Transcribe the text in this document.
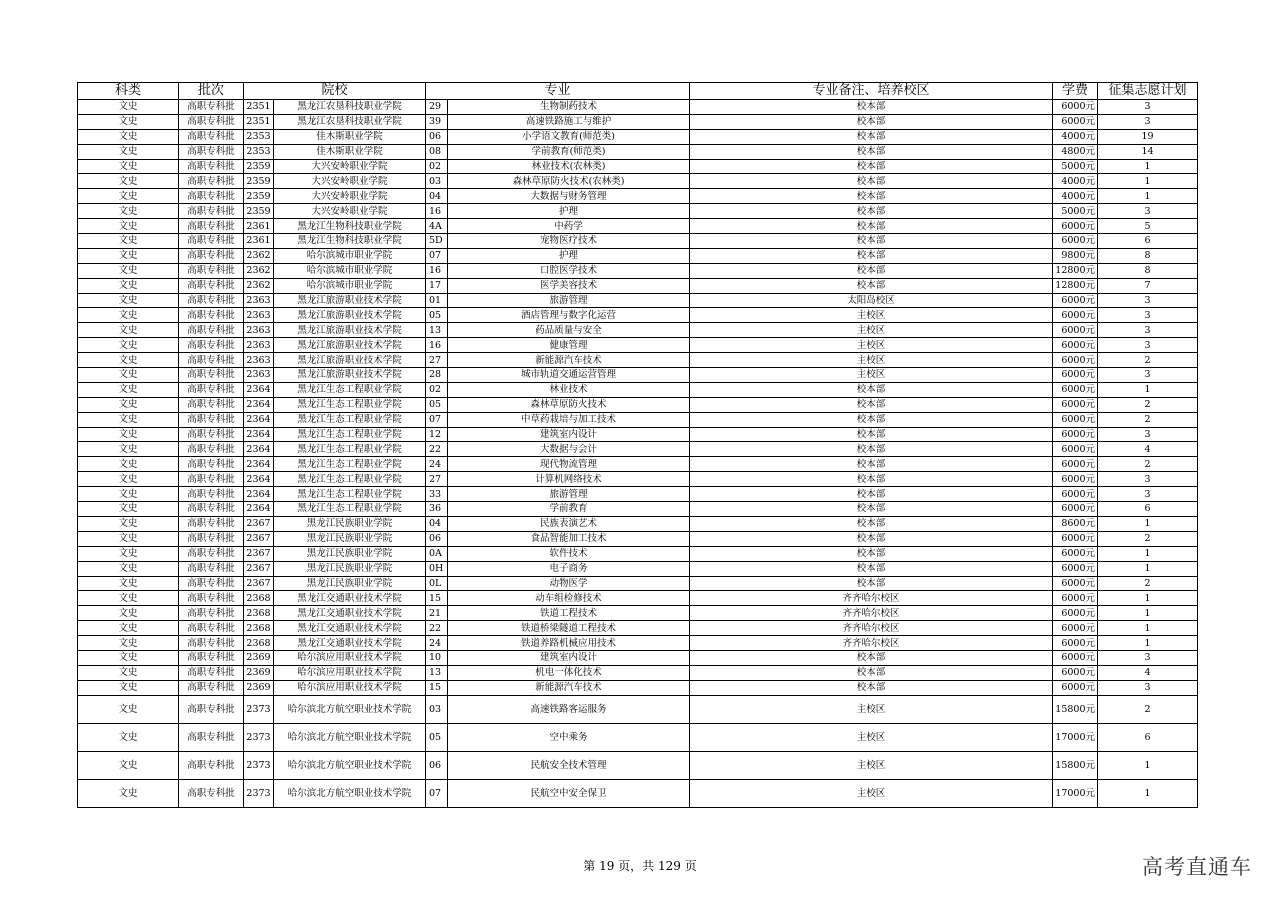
科类	批次	院校		专业		专业备注、培养校区	学费	征集志愿计划
文史	高职专科批	2351	黑龙江农垦科技职业学院	29	生物制药技术	校本部	6000元	3
文史	高职专科批	2351	黑龙江农垦科技职业学院	39	高速铁路施工与维护	校本部	6000元	3
文史	高职专科批	2353	佳木斯职业学院	06	小学语文教育(师范类)	校本部	4000元	19
文史	高职专科批	2353	佳木斯职业学院	08	学前教育(师范类)	校本部	4800元	14
文史	高职专科批	2359	大兴安岭职业学院	02	林业技术(农林类)	校本部	5000元	1
文史	高职专科批	2359	大兴安岭职业学院	03	森林草原防火技术(农林类)	校本部	4000元	1
文史	高职专科批	2359	大兴安岭职业学院	04	大数据与财务管理	校本部	4000元	1
文史	高职专科批	2359	大兴安岭职业学院	16	护理	校本部	5000元	3
文史	高职专科批	2361	黑龙江生物科技职业学院	4A	中药学	校本部	6000元	5
文史	高职专科批	2361	黑龙江生物科技职业学院	5D	宠物医疗技术	校本部	6000元	6
文史	高职专科批	2362	哈尔滨城市职业学院	07	护理	校本部	9800元	8
文史	高职专科批	2362	哈尔滨城市职业学院	16	口腔医学技术	校本部	12800元	8
文史	高职专科批	2362	哈尔滨城市职业学院	17	医学美容技术	校本部	12800元	7
文史	高职专科批	2363	黑龙江旅游职业技术学院	01	旅游管理	太阳岛校区	6000元	3
文史	高职专科批	2363	黑龙江旅游职业技术学院	05	酒店管理与数字化运营	主校区	6000元	3
文史	高职专科批	2363	黑龙江旅游职业技术学院	13	药品质量与安全	主校区	6000元	3
文史	高职专科批	2363	黑龙江旅游职业技术学院	16	健康管理	主校区	6000元	3
文史	高职专科批	2363	黑龙江旅游职业技术学院	27	新能源汽车技术	主校区	6000元	2
文史	高职专科批	2363	黑龙江旅游职业技术学院	28	城市轨道交通运营管理	主校区	6000元	3
文史	高职专科批	2364	黑龙江生态工程职业学院	02	林业技术	校本部	6000元	1
文史	高职专科批	2364	黑龙江生态工程职业学院	05	森林草原防火技术	校本部	6000元	2
文史	高职专科批	2364	黑龙江生态工程职业学院	07	中草药栽培与加工技术	校本部	6000元	2
文史	高职专科批	2364	黑龙江生态工程职业学院	12	建筑室内设计	校本部	6000元	3
文史	高职专科批	2364	黑龙江生态工程职业学院	22	大数据与会计	校本部	6000元	4
文史	高职专科批	2364	黑龙江生态工程职业学院	24	现代物流管理	校本部	6000元	2
文史	高职专科批	2364	黑龙江生态工程职业学院	27	计算机网络技术	校本部	6000元	3
文史	高职专科批	2364	黑龙江生态工程职业学院	33	旅游管理	校本部	6000元	3
文史	高职专科批	2364	黑龙江生态工程职业学院	36	学前教育	校本部	6000元	6
文史	高职专科批	2367	黑龙江民族职业学院	04	民族表演艺术	校本部	8600元	1
文史	高职专科批	2367	黑龙江民族职业学院	06	食品智能加工技术	校本部	6000元	2
文史	高职专科批	2367	黑龙江民族职业学院	0A	软件技术	校本部	6000元	1
文史	高职专科批	2367	黑龙江民族职业学院	0H	电子商务	校本部	6000元	1
文史	高职专科批	2367	黑龙江民族职业学院	0L	动物医学	校本部	6000元	2
文史	高职专科批	2368	黑龙江交通职业技术学院	15	动车组检修技术	齐齐哈尔校区	6000元	1
文史	高职专科批	2368	黑龙江交通职业技术学院	21	铁道工程技术	齐齐哈尔校区	6000元	1
文史	高职专科批	2368	黑龙江交通职业技术学院	22	铁道桥梁隧道工程技术	齐齐哈尔校区	6000元	1
文史	高职专科批	2368	黑龙江交通职业技术学院	24	铁道养路机械应用技术	齐齐哈尔校区	6000元	1
文史	高职专科批	2369	哈尔滨应用职业技术学院	10	建筑室内设计	校本部	6000元	3
文史	高职专科批	2369	哈尔滨应用职业技术学院	13	机电一体化技术	校本部	6000元	4
文史	高职专科批	2369	哈尔滨应用职业技术学院	15	新能源汽车技术	校本部	6000元	3
文史	高职专科批	2373	哈尔滨北方航空职业技术学院	03	高速铁路客运服务	主校区	15800元	2
文史	高职专科批	2373	哈尔滨北方航空职业技术学院	05	空中乘务	主校区	17000元	6
文史	高职专科批	2373	哈尔滨北方航空职业技术学院	06	民航安全技术管理	主校区	15800元	1
文史	高职专科批	2373	哈尔滨北方航空职业技术学院	07	民航空中安全保卫	主校区	17000元	1
第 19 页，共 129 页	高考直通车
